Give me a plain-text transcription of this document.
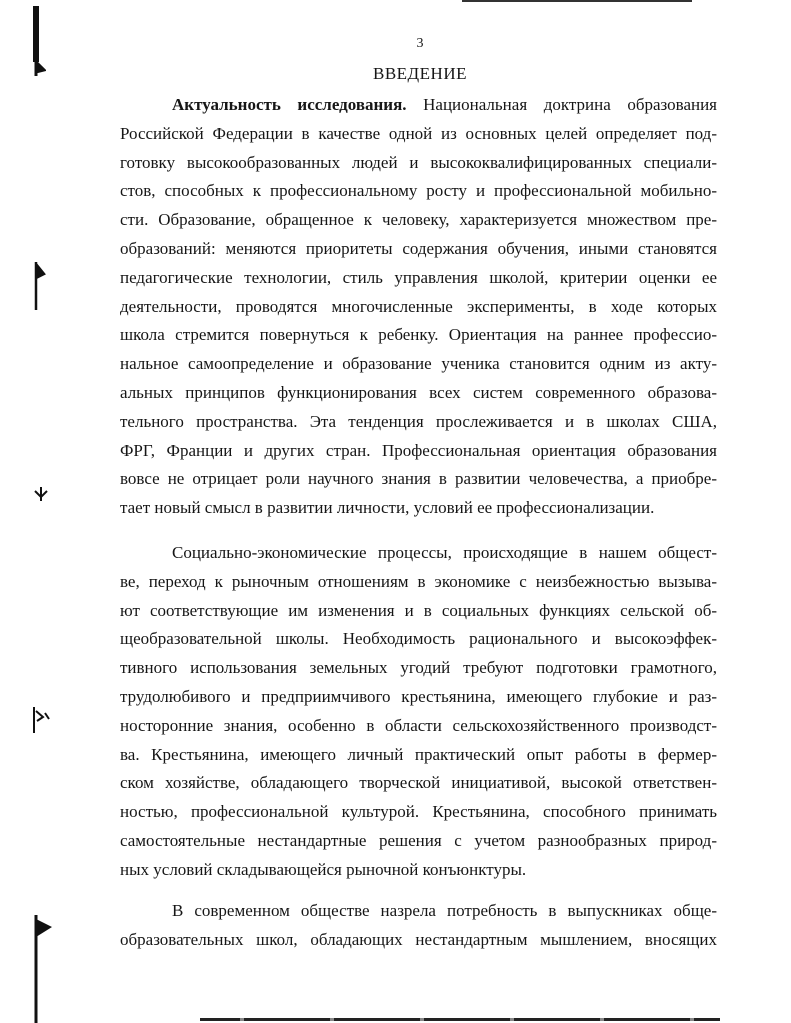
3
ВВЕДЕНИЕ
Актуальность исследования. Национальная доктрина образования
Российской Федерации в качестве одной из основных целей определяет под-
готовку высокообразованных людей и высококвалифицированных специали-
стов, способных к профессиональному росту и профессиональной мобильно-
сти. Образование, обращенное к человеку, характеризуется множеством пре-
образований: меняются приоритеты содержания обучения, иными становятся
педагогические технологии, стиль управления школой, критерии оценки ее
деятельности, проводятся многочисленные эксперименты, в ходе которых
школа стремится повернуться к ребенку. Ориентация на раннее профессио-
нальное самоопределение и образование ученика становится одним из акту-
альных принципов функционирования всех систем современного образова-
тельного пространства. Эта тенденция прослеживается и в школах США,
ФРГ, Франции и других стран. Профессиональная ориентация образования
вовсе не отрицает роли научного знания в развитии человечества, а приобре-
тает новый смысл в развитии личности, условий ее профессионализации.
Социально-экономические процессы, происходящие в нашем общест-
ве, переход к рыночным отношениям в экономике с неизбежностью вызыва-
ют соответствующие им изменения и в социальных функциях сельской об-
щеобразовательной школы. Необходимость рационального и высокоэффек-
тивного использования земельных угодий требуют подготовки грамотного,
трудолюбивого и предприимчивого крестьянина, имеющего глубокие и раз-
носторонние знания, особенно в области сельскохозяйственного производст-
ва. Крестьянина, имеющего личный практический опыт работы в фермер-
ском хозяйстве, обладающего творческой инициативой, высокой ответствен-
ностью, профессиональной культурой. Крестьянина, способного принимать
самостоятельные нестандартные решения с учетом разнообразных природ-
ных условий складывающейся рыночной конъюнктуры.
В современном обществе назрела потребность в выпускниках обще-
образовательных школ, обладающих нестандартным мышлением, вносящих
